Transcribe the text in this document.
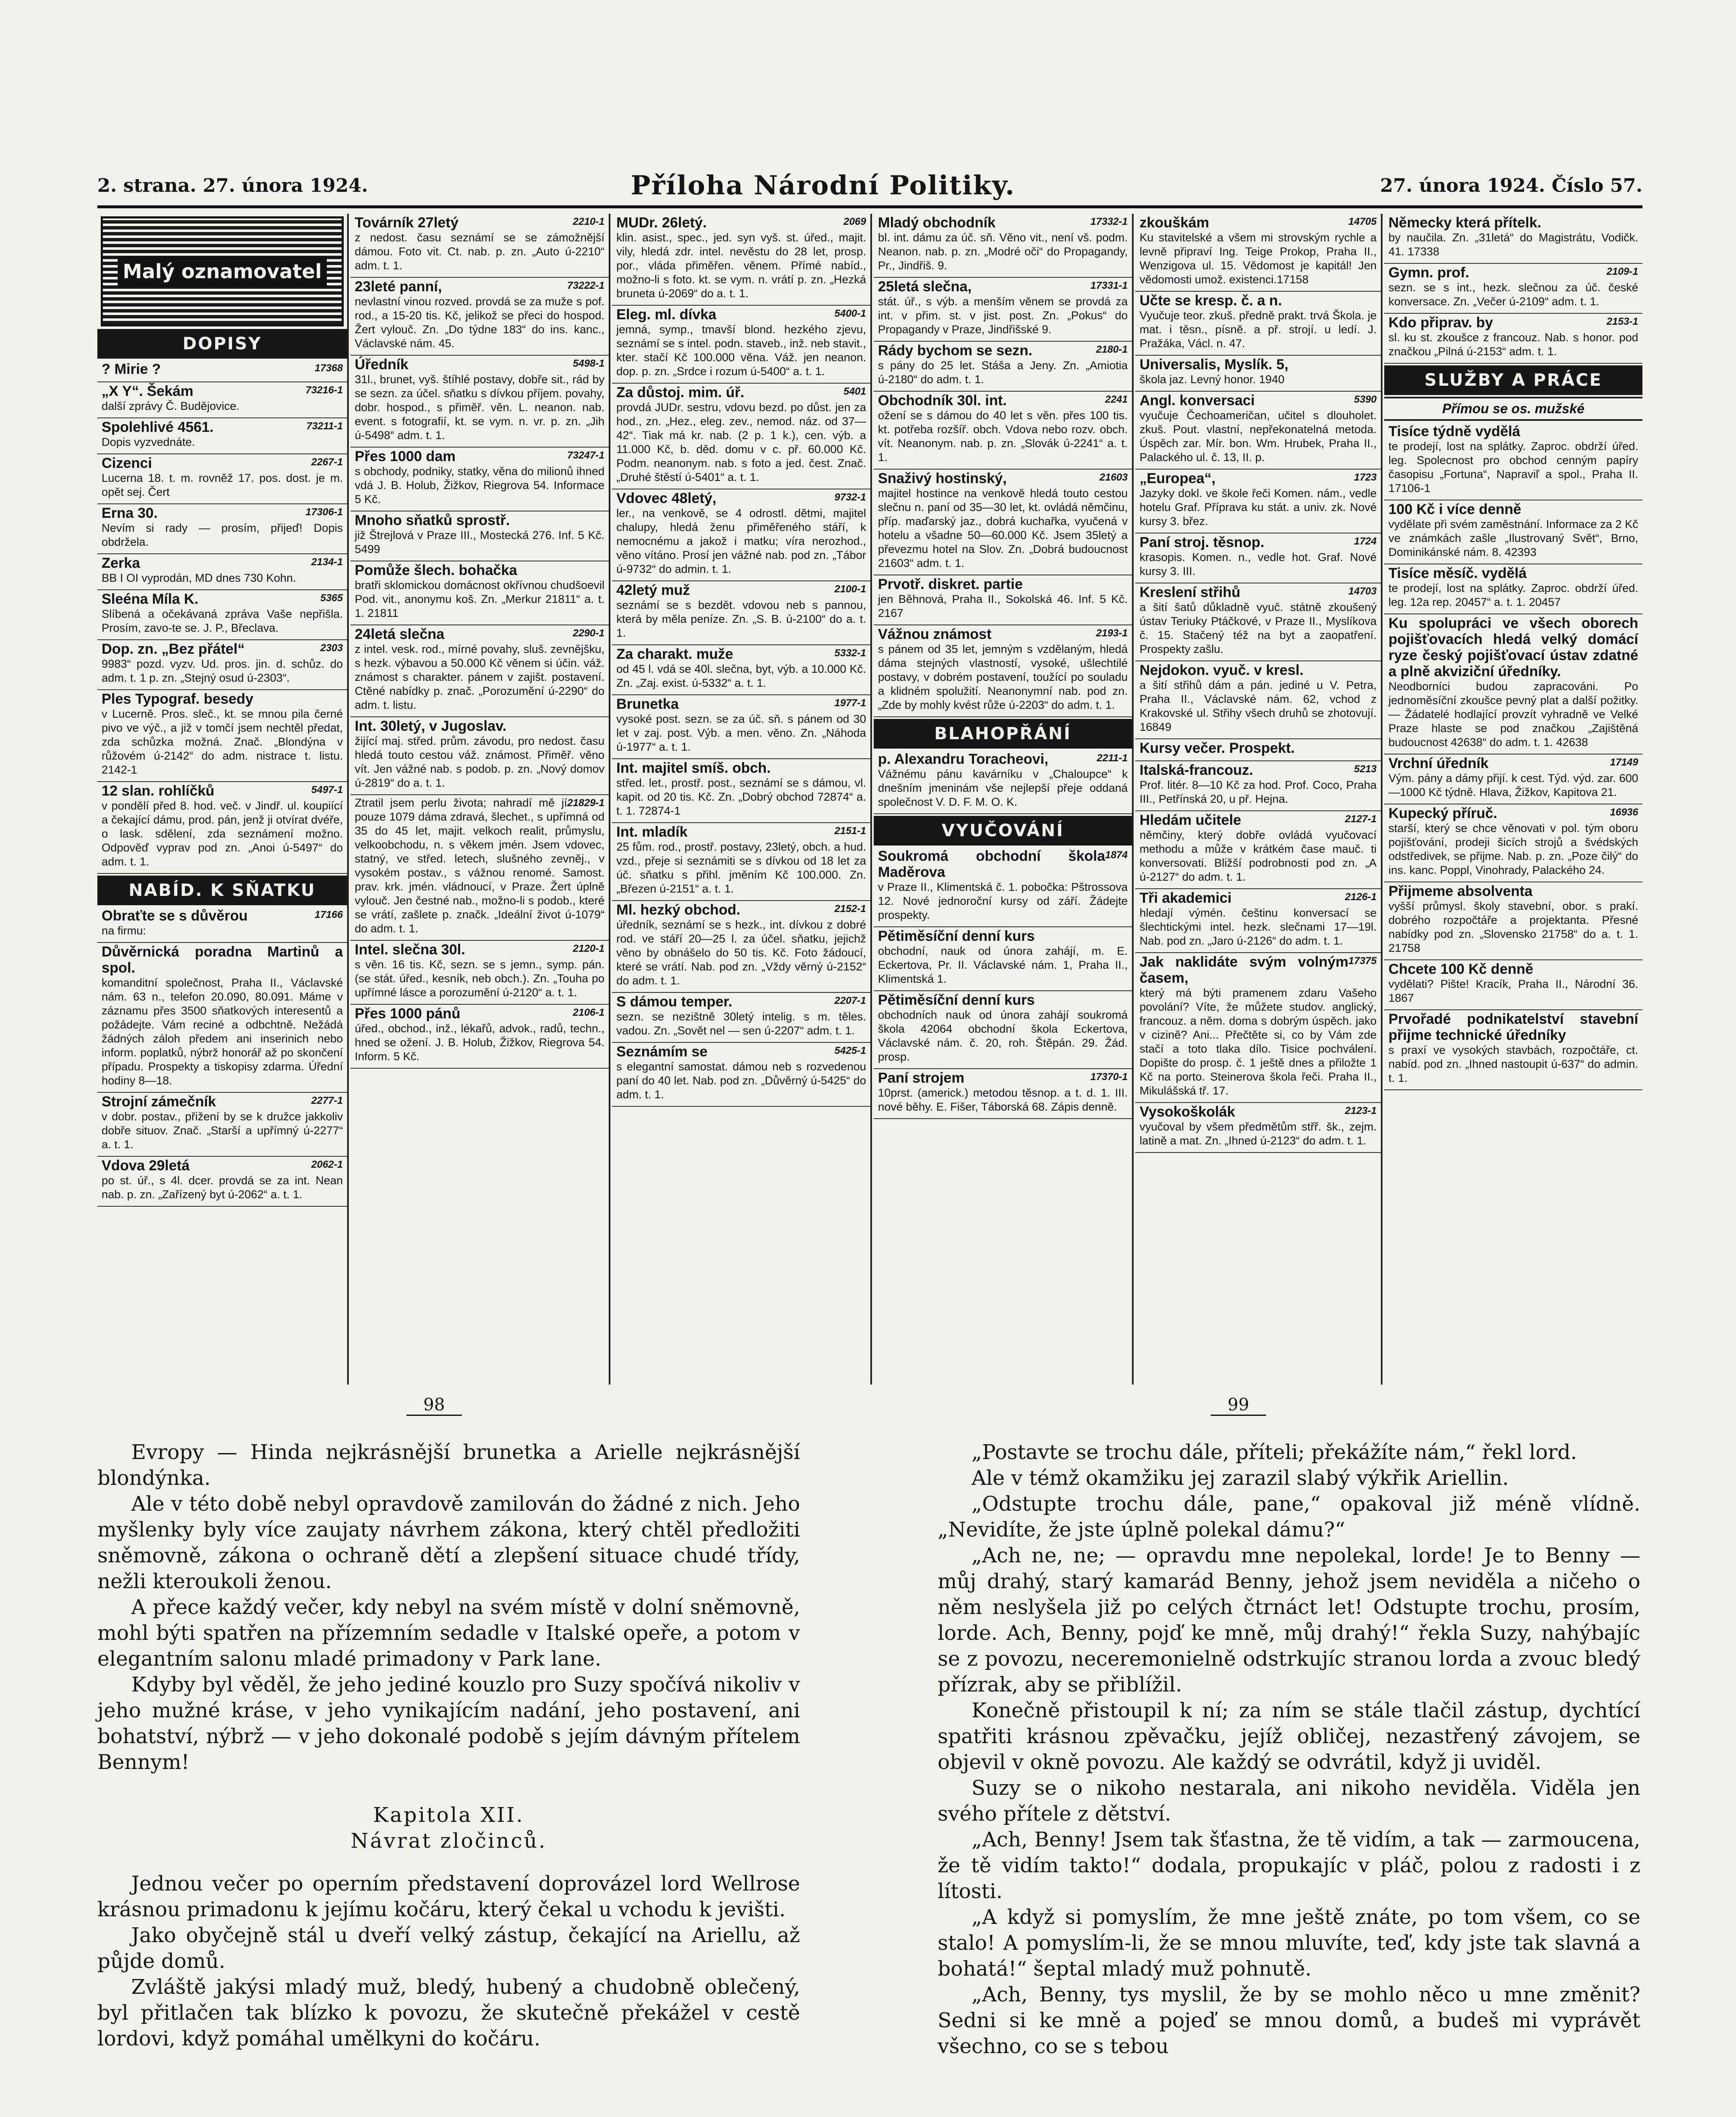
2. strana. 27. února 1924.	Příloha Národní Politiky.	27. února 1924. Číslo 57.
Malý oznamovatel
DOPISY
17368
? Mirie ?
73216-1
„X Y“. Šekám
další zprávy Č. Budějovice.
73211-1
Spolehlivé 4561.
Dopis vyzvednáte.
2267-1
Cizenci
Lucerna 18. t. m. rovněž 17. pos. dost. je m. opět sej. Čert
17306-1
Erna 30.
Nevím si rady — prosím, přijeď! Dopis obdržela.
2134-1
Zerka
BB I OI vyprodán, MD dnes 730 Kohn.
5365
Sleéna Míla K.
Slíbená a očekávaná zpráva Vaše nepřišla. Prosím, zavo-te se. J. P., Břeclava.
2303
Dop. zn. „Bez přátel“
9983“ pozd. vyzv. Ud. pros. jin. d. schůz. do adm. t. 1 p. zn. „Stejný osud ú-2303“.
Ples Typograf. besedy
v Lucerně. Pros. sleč., kt. se mnou pila černé pivo ve výč., a již v tomčí jsem nechtěl předat, zda schůzka možná. Znač. „Blondýna v růžovém ú-2142“ do adm. nistrace t. listu. 2142-1
5497-1
12 slan. rohlíčků
v pondělí před 8. hod. več. v Jindř. ul. koupiící a čekající dámu, prod. pán, jenž ji otvírat dvéře, o lask. sdělení, zda seznámení možno. Odpověď vyprav pod zn. „Anoi ú-5497“ do adm. t. 1.
NABÍD. K SŇATKU
17166
Obraťte se s důvěrou
na firmu:
Důvěrnická poradna Martinů a spol.
komanditní společnost, Praha II., Václavské nám. 63 n., telefon 20.090, 80.091. Máme v záznamu přes 3500 sňatkových interesentů a požádejte. Vám reciné a odbchtně. Nežádá žádných záloh předem ani inserinich nebo inform. poplatků, nýbrž honorář až po skončení případu. Prospekty a tiskopisy zdarma. Úřední hodiny 8—18.
2277-1
Strojní zámečník
v dobr. postav., přižení by se k družce jakkoliv dobře situov. Znač. „Starší a upřímný ú-2277“ a. t. 1.
2062-1
Vdova 29letá
po st. úř., s 4l. dcer. provdá se za int. Nean nab. p. zn. „Zařízený byt ú-2062“ a. t. 1.
2210-1
Továrník 27letý
z nedost. času seznámí se se zámožnější dámou. Foto vit. Ct. nab. p. zn. „Auto ú-2210“ adm. t. 1.
73222-1
23leté panní,
nevlastní vinou rozved. provdá se za muže s pof. rod., a 15-20 tis. Kč, jelikož se přeci do hospod. Žert vylouč. Zn. „Do týdne 183“ do ins. kanc., Václavské nám. 45.
5498-1
Úředník
31l., brunet, vyš. štíhlé postavy, dobře sit., rád by se sezn. za účel. sňatku s dívkou příjem. povahy, dobr. hospod., s přiměř. věn. L. neanon. nab. event. s fotografií, kt. se vym. n. vr. p. zn. „Jih ú-5498“ adm. t. 1.
73247-1
Přes 1000 dam
s obchody, podniky, statky, věna do milionů ihned vdá J. B. Holub, Žižkov, Riegrova 54. Informace 5 Kč.
Mnoho sňatků sprostř.
již Štrejlová v Praze III., Mostecká 276. Inf. 5 Kč. 5499
Pomůže šlech. bohačka
bratři sklomickou domácnost okřívnou chudšoevil Pod. vit., anonymu koš. Zn. „Merkur 21811“ a. t. 1. 21811
2290-1
24letá slečna
z intel. vesk. rod., mírné povahy, sluš. zevnějšku, s hezk. výbavou a 50.000 Kč věnem si účin. váž. známost s charakter. pánem v zajišt. postavení. Ctěné nabídky p. znač. „Porozumění ú-2290“ do adm. t. listu.
Int. 30letý, v Jugoslav.
žijící maj. střed. prům. závodu, pro nedost. času hledá touto cestou váž. známost. Přiměř. věno vít. Jen vážné nab. s podob. p. zn. „Nový domov ú-2819“ do a. t. 1.
21829-1
Ztratil jsem perlu života; nahradí mě jí pouze 1079 dáma zdravá, šlechet., s upřímná od 35 do 45 let, majit. velkoch realit, průmyslu, velkoobchodu, n. s věkem jmén. Jsem vdovec, statný, ve střed. letech, slušného zevněj., v vysokém postav., s vážnou renomé. Samost. prav. krk. jmén. vládnoucí, v Praze. Žert úplně vylouč. Jen čestné nab., možno-li s podob., které se vrátí, zašlete p. značk. „Ideální život ú-1079“ do adm. t. 1.
2120-1
Intel. slečna 30l.
s věn. 16 tis. Kč, sezn. se s jemn., symp. pán. (se stát. úřed., kesník, neb obch.). Zn. „Touha po upřímné lásce a porozumění ú-2120“ a. t. 1.
2106-1
Přes 1000 pánů
úřed., obchod., inž., lékařů, advok., radů, techn., hned se ožení. J. B. Holub, Žižkov, Riegrova 54. Inform. 5 Kč.
2069
MUDr. 26letý.
klin. asist., spec., jed. syn vyš. st. úřed., majit. vily, hledá zdr. intel. nevěstu do 28 let, prosp. por., vláda přiměřen. věnem. Přímé nabíd., možno-li s foto. kt. se vym. n. vrátí p. zn. „Hezká bruneta ú-2069“ do a. t. 1.
5400-1
Eleg. ml. dívka
jemná, symp., tmavší blond. hezkého zjevu, seznámí se s intel. podn. staveb., inž. neb stavit., kter. stačí Kč 100.000 věna. Váž. jen neanon. dop. p. zn. „Srdce i rozum ú-5400“ a. t. 1.
5401
Za důstoj. mim. úř.
provdá JUDr. sestru, vdovu bezd. po důst. jen za hod., zn. „Hez., eleg. zev., nemod. náz. od 37—42“. Tiak má kr. nab. (2 p. 1 k.), cen. výb. a 11.000 Kč, b. děd. domu v c. př. 60.000 Kč. Podm. neanonym. nab. s foto a jed. čest. Znač. „Druhé štěstí ú-5401“ a. t. 1.
9732-1
Vdovec 48letý,
ler., na venkově, se 4 odrostl. dětmi, majitel chalupy, hledá ženu přiměřeného stáří, k nemocnému a jakož i matku; víra nerozhod., věno vítáno. Prosí jen vážné nab. pod zn. „Tábor ú-9732“ do admin. t. 1.
2100-1
42letý muž
seznámí se s bezdět. vdovou neb s pannou, která by měla peníze. Zn. „S. B. ú-2100“ do a. t. 1.
5332-1
Za charakt. muže
od 45 l. vdá se 40l. slečna, byt, výb. a 10.000 Kč. Zn. „Zaj. exist. ú-5332“ a. t. 1.
1977-1
Brunetka
vysoké post. sezn. se za úč. sň. s pánem od 30 let v zaj. post. Výb. a men. věno. Zn. „Náhoda ú-1977“ a. t. 1.
Int. majitel smíš. obch.
střed. let., prostř. post., seznámí se s dámou, vl. kapit. od 20 tis. Kč. Zn. „Dobrý obchod 72874“ a. t. 1. 72874-1
2151-1
Int. mladík
25 fům. rod., prostř. postavy, 23letý, obch. a hud. vzd., přeje si seznámiti se s dívkou od 18 let za úč. sňatku s přihl. jměním Kč 100.000. Zn. „Březen ú-2151“ a. t. 1.
2152-1
Ml. hezký obchod.
úředník, seznámí se s hezk., int. dívkou z dobré rod. ve stáří 20—25 l. za účel. sňatku, jejichž věno by obnášelo do 50 tis. Kč. Foto žádoucí, které se vrátí. Nab. pod zn. „Vždy věrný ú-2152“ do adm. t. 1.
2207-1
S dámou temper.
sezn. se nezištně 30letý intelig. s m. těles. vadou. Zn. „Sovět nel — sen ú-2207“ adm. t. 1.
5425-1
Seznámím se
s elegantní samostat. dámou neb s rozvedenou paní do 40 let. Nab. pod zn. „Důvěrný ú-5425“ do adm. t. 1.
17332-1
Mladý obchodník
bl. int. dámu za úč. sň. Věno vit., není vš. podm. Neanon. nab. p. zn. „Modré oči“ do Propagandy, Pr., Jindřiš. 9.
17331-1
25letá slečna,
stát. úř., s výb. a menším věnem se provdá za int. v přim. st. v jist. post. Zn. „Pokus“ do Propagandy v Praze, Jindřišské 9.
2180-1
Rády bychom se sezn.
s pány do 25 let. Stáša a Jeny. Zn. „Amiotia ú-2180“ do adm. t. 1.
2241
Obchodník 30l. int.
ožení se s dámou do 40 let s věn. přes 100 tis. kt. potřeba rozšíř. obch. Vdova nebo rozv. obch. vít. Neanonym. nab. p. zn. „Slovák ú-2241“ a. t. 1.
21603
Snaživý hostinský,
majitel hostince na venkově hledá touto cestou slečnu n. paní od 35—30 let, kt. ovládá němčinu, příp. maďarský jaz., dobrá kuchařka, vyučená v hotelu a všadne 50—60.000 Kč. Jsem 35letý a převezmu hotel na Slov. Zn. „Dobrá budoucnost 21603“ adm. t. 1.
Prvotř. diskret. partie
jen Běhnová, Praha II., Sokolská 46. Inf. 5 Kč. 2167
2193-1
Vážnou známost
s pánem od 35 let, jemným s vzdělaným, hledá dáma stejných vlastností, vysoké, ušlechtilé postavy, v dobrém postavení, toužící po souladu a klidném spolužití. Neanonymní nab. pod zn. „Zde by mohly kvést růže ú-2203“ do adm. t. 1.
BLAHOPŘÁNÍ
2211-1
p. Alexandru Toracheovi,
Vážnému pánu kavárníku v „Chaloupce“ k dnešním jmeninám vše nejlepší přeje oddaná společnost V. D. F. M. O. K.
VYUČOVÁNÍ
1874
Soukromá obchodní škola Maděrova
v Praze II., Klimentská č. 1. pobočka: Pštrossova 12. Nové jednoroční kursy od září. Žádejte prospekty.
Pětiměsíční denní kurs
obchodní, nauk od února zahájí, m. E. Eckertova, Pr. II. Václavské nám. 1, Praha II., Klimentská 1.
Pětiměsíční denní kurs
obchodních nauk od února zahájí soukromá škola 42064 obchodní škola Eckertova, Václavské nám. č. 20, roh. Štěpán. 29. Žád. prosp.
17370-1
Paní strojem
10prst. (americk.) metodou těsnop. a t. d. 1. III. nové běhy. E. Fišer, Táborská 68. Zápis denně.
14705
zkouškám
Ku stavitelské a všem mi strovským rychle a levně připraví Ing. Teige Prokop, Praha II., Wenzigova ul. 15. Vědomost je kapitál! Jen vědomosti umož. existenci.17158
Učte se kresp. č. a n.
Vyučuje teor. zkuš. předně prakt. trvá Škola. je mat. i těsn., písně. a př. strojí. u ledí. J. Pražáka, Václ. n. 47.
Universalis, Myslík. 5,
škola jaz. Levný honor. 1940
5390
Angl. konversaci
vyučuje Čechoameričan, učitel s dlouholet. zkuš. Pout. vlastní, nepřekonatelná metoda. Úspěch zar. Mír. bon. Wm. Hrubek, Praha II., Palackého ul. č. 13, II. p.
1723
„Europea“,
Jazyky dokl. ve škole řeči Komen. nám., vedle hotelu Graf. Příprava ku stát. a univ. zk. Nové kursy 3. břez.
1724
Paní stroj. těsnop.
krasopis. Komen. n., vedle hot. Graf. Nové kursy 3. III.
14703
Kreslení střihů
a šití šatů důkladně vyuč. státně zkoušený ústav Teriuky Ptáčkové, v Praze II., Myslíkova č. 15. Stačený též na byt a zaopatření. Prospekty zašlu.
Nejdokon. vyuč. v kresl.
a šití střihů dám a pán. jediné u V. Petra, Praha II., Václavské nám. 62, vchod z Krakovské ul. Střihy všech druhů se zhotovují. 16849
Kursy večer. Prospekt.
5213
Italská-francouz.
Prof. litér. 8—10 Kč za hod. Prof. Coco, Praha III., Petřínská 20, u př. Hejna.
2127-1
Hledám učitele
němčiny, který dobře ovládá vyučovací methodu a může v krátkém čase mauč. ti konversovati. Bližší podrobnosti pod zn. „A ú-2127“ do adm. t. 1.
2126-1
Tři akademici
hledají výmén. češtinu konversací se šlechtickými intel. hezk. slečnami 17—19l. Nab. pod zn. „Jaro ú-2126“ do adm. t. 1.
17375
Jak naklidáte svým volným časem,
který má býti pramenem zdaru Vašeho povolání? Víte, že můžete studov. anglický, francouz. a něm. doma s dobrým úspěch. jako v cizině? Ani... Přečtěte si, co by Vám zde stačí a toto tlaka dílo. Tisice pochválení. Dopište do prosp. č. 1 ještě dnes a přiložte 1 Kč na porto. Steinerova škola řeči. Praha II., Mikulášská tř. 17.
2123-1
Vysokoškolák
vyučoval by všem předmětům střř. šk., zejm. latině a mat. Zn. „Ihned ú-2123“ do adm. t. 1.
Německy která přítelk.
by naučila. Zn. „31letá“ do Magistrátu, Vodičk. 41. 17338
2109-1
Gymn. prof.
sezn. se s int., hezk. slečnou za úč. české konversace. Zn. „Večer ú-2109“ adm. t. 1.
2153-1
Kdo připrav. by
sl. ku st. zkoušce z francouz. Nab. s honor. pod značkou „Pilná ú-2153“ adm. t. 1.
SLUŽBY A PRÁCE
Přímou se os. mužské
Tisíce týdně vydělá
te prodejí, lost na splátky. Zaproc. obdrží úřed. leg. Spolecnost pro obchod cenným papíry časopisu „Fortuna“, Napraviľ a spol., Praha II. 17106-1
100 Kč i více denně
vydělate při svém zaměstnání. Informace za 2 Kč ve známkách zašle „Ilustrovaný Svět“, Brno, Dominikánské nám. 8. 42393
Tisíce měsíč. vydělá
te prodejí, lost na splátky. Zaproc. obdrží úřed. leg. 12a rep. 20457“ a. t. 1. 20457
Ku spolupráci ve všech oborech pojišťovacích hledá velký domácí ryze český pojišťovací ústav zdatné a plně akviziční úředníky.
Neodborníci budou zapracováni. Po jednoměsíční zkoušce pevný plat a další požitky. — Žádatelé hodlající provzít vyhradně ve Velké Praze hlaste se pod značkou „Zajištěná budoucnost 42638“ do adm. t. 1. 42638
17149
Vrchní úředník
Vým. pány a dámy přijí. k cest. Týd. výd. zar. 600—1000 Kč týdně. Hlava, Žižkov, Kapitova 21.
16936
Kupecký příruč.
starší, který se chce věnovati v pol. tým oboru pojišťování, prodeji šicích strojů a švédských odstředivek, se přijme. Nab. p. zn. „Poze čilý“ do ins. kanc. Poppl, Vinohrady, Palackého 24.
Přijmeme absolventa
vyšší průmysl. školy stavební, obor. s prakí. dobrého rozpočtáře a projektanta. Přesné nabídky pod zn. „Slovensko 21758“ do a. t. 1. 21758
Chcete 100 Kč denně
vydělati? Pište! Kracík, Praha II., Národní 36. 1867
Prvořadé podnikatelství stavební přijme technické úředníky
s praxí ve vysokých stavbách, rozpočtáře, ct. nabíd. pod zn. „Ihned nastoupit ú-637“ do admin. t. 1.
98	99

Evropy — Hinda nejkrásnější brunetka a Arielle nejkrásnější blondýnka.

Ale v této době nebyl opravdově zamilován do žádné z nich. Jeho myšlenky byly více zaujaty návrhem zákona, který chtěl předložiti sněmovně, zákona o ochraně dětí a zlepšení situace chudé třídy, nežli kteroukoli ženou.

A přece každý večer, kdy nebyl na svém místě v dolní sněmovně, mohl býti spatřen na přízemním sedadle v Italské opeře, a potom v elegantním salonu mladé primadony v Park lane.

Kdyby byl věděl, že jeho jediné kouzlo pro Suzy spočívá nikoliv v jeho mužné kráse, v jeho vynikajícím nadání, jeho postavení, ani bohatství, nýbrž — v jeho dokonalé podobě s jejím dávným přítelem Bennym!

Kapitola XII.

Návrat zločinců.

Jednou večer po operním představení doprovázel lord Wellrose krásnou primadonu k jejímu kočáru, který čekal u vchodu k jevišti.

Jako obyčejně stál u dveří velký zástup, čekající na Ariellu, až půjde domů.

Zvláště jakýsi mladý muž, bledý, hubený a chudobně oblečený, byl přitlačen tak blízko k povozu, že skutečně překážel v cestě lordovi, když pomáhal umělkyni do kočáru.

„Postavte se trochu dále, příteli; překážíte nám,“ řekl lord.

Ale v témž okamžiku jej zarazil slabý výkřik Ariellin.

„Odstupte trochu dále, pane,“ opakoval již méně vlídně. „Nevidíte, že jste úplně polekal dámu?“

„Ach ne, ne; — opravdu mne nepolekal, lorde! Je to Benny — můj drahý, starý kamarád Benny, jehož jsem neviděla a ničeho o něm neslyšela již po celých čtrnáct let! Odstupte trochu, prosím, lorde. Ach, Benny, pojď ke mně, můj drahý!“ řekla Suzy, nahýbajíc se z povozu, neceremonielně odstrkujíc stranou lorda a zvouc bledý přízrak, aby se přiblížil.

Konečně přistoupil k ní; za ním se stále tlačil zástup, dychtící spatřiti krásnou zpěvačku, jejíž obličej, nezastřený závojem, se objevil v okně povozu. Ale každý se odvrátil, když ji uviděl.

Suzy se o nikoho nestarala, ani nikoho neviděla. Viděla jen svého přítele z dětství.

„Ach, Benny! Jsem tak šťastna, že tě vidím, a tak — zarmoucena, že tě vidím takto!“ dodala, propukajíc v pláč, polou z radosti i z lítosti.

„A když si pomyslím, že mne ještě znáte, po tom všem, co se stalo! A pomyslím-li, že se mnou mluvíte, teď, kdy jste tak slavná a bohatá!“ šeptal mladý muž pohnutě.

„Ach, Benny, tys myslil, že by se mohlo něco u mne změnit? Sedni si ke mně a pojeď se mnou domů, a budeš mi vyprávět všechno, co se s tebou
